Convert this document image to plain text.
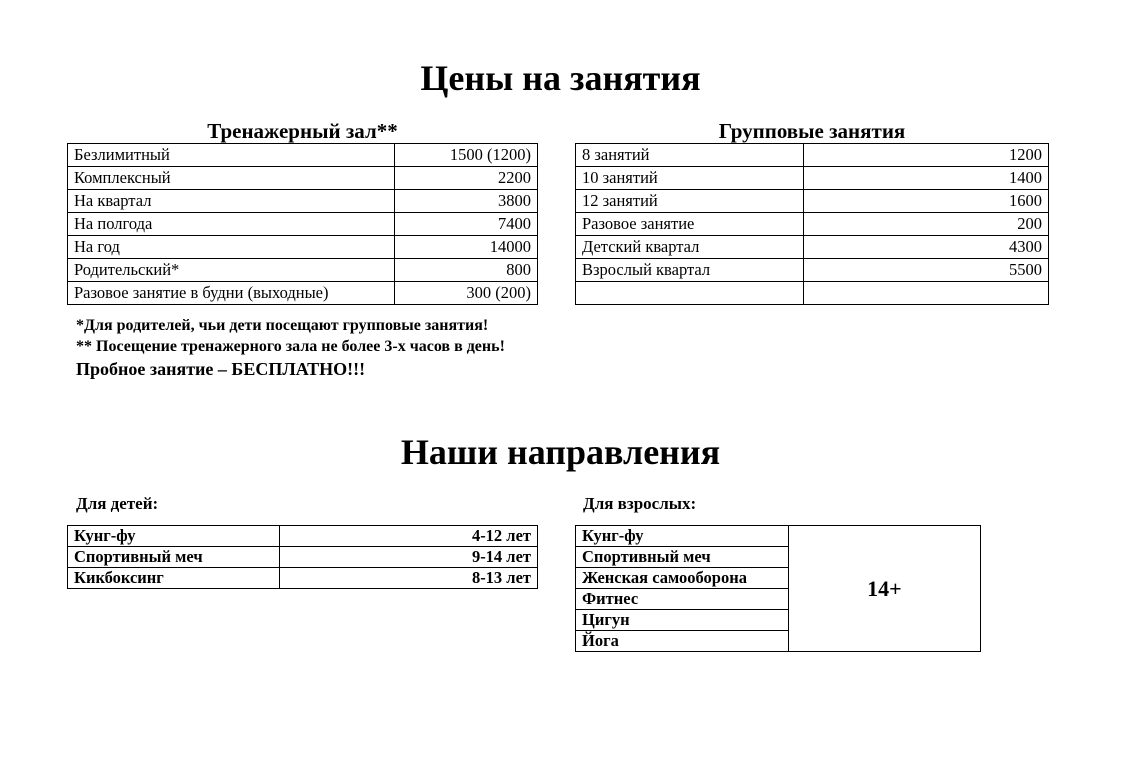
Цены на занятия
Тренажерный зал**
Безлимитный	1500 (1200)
Комплексный	2200
На квартал	3800
На полгода	7400
На год	14000
Родительский*	800
Разовое занятие в будни (выходные)	300 (200)
Групповые занятия
8 занятий	1200
10 занятий	1400
12 занятий	1600
Разовое занятие	200
Детский квартал	4300
Взрослый квартал	5500

*Для родителей, чьи дети посещают групповые занятия!
** Посещение тренажерного зала не более 3-х часов в день!
Пробное занятие – БЕСПЛАТНО!!!
Наши направления
Для детей:
Кунг-фу	4-12 лет
Спортивный меч	9-14 лет
Кикбоксинг	8-13 лет
Для взрослых:
Кунг-фу	14+
Спортивный меч
Женская самооборона
Фитнес
Цигун
Йога
